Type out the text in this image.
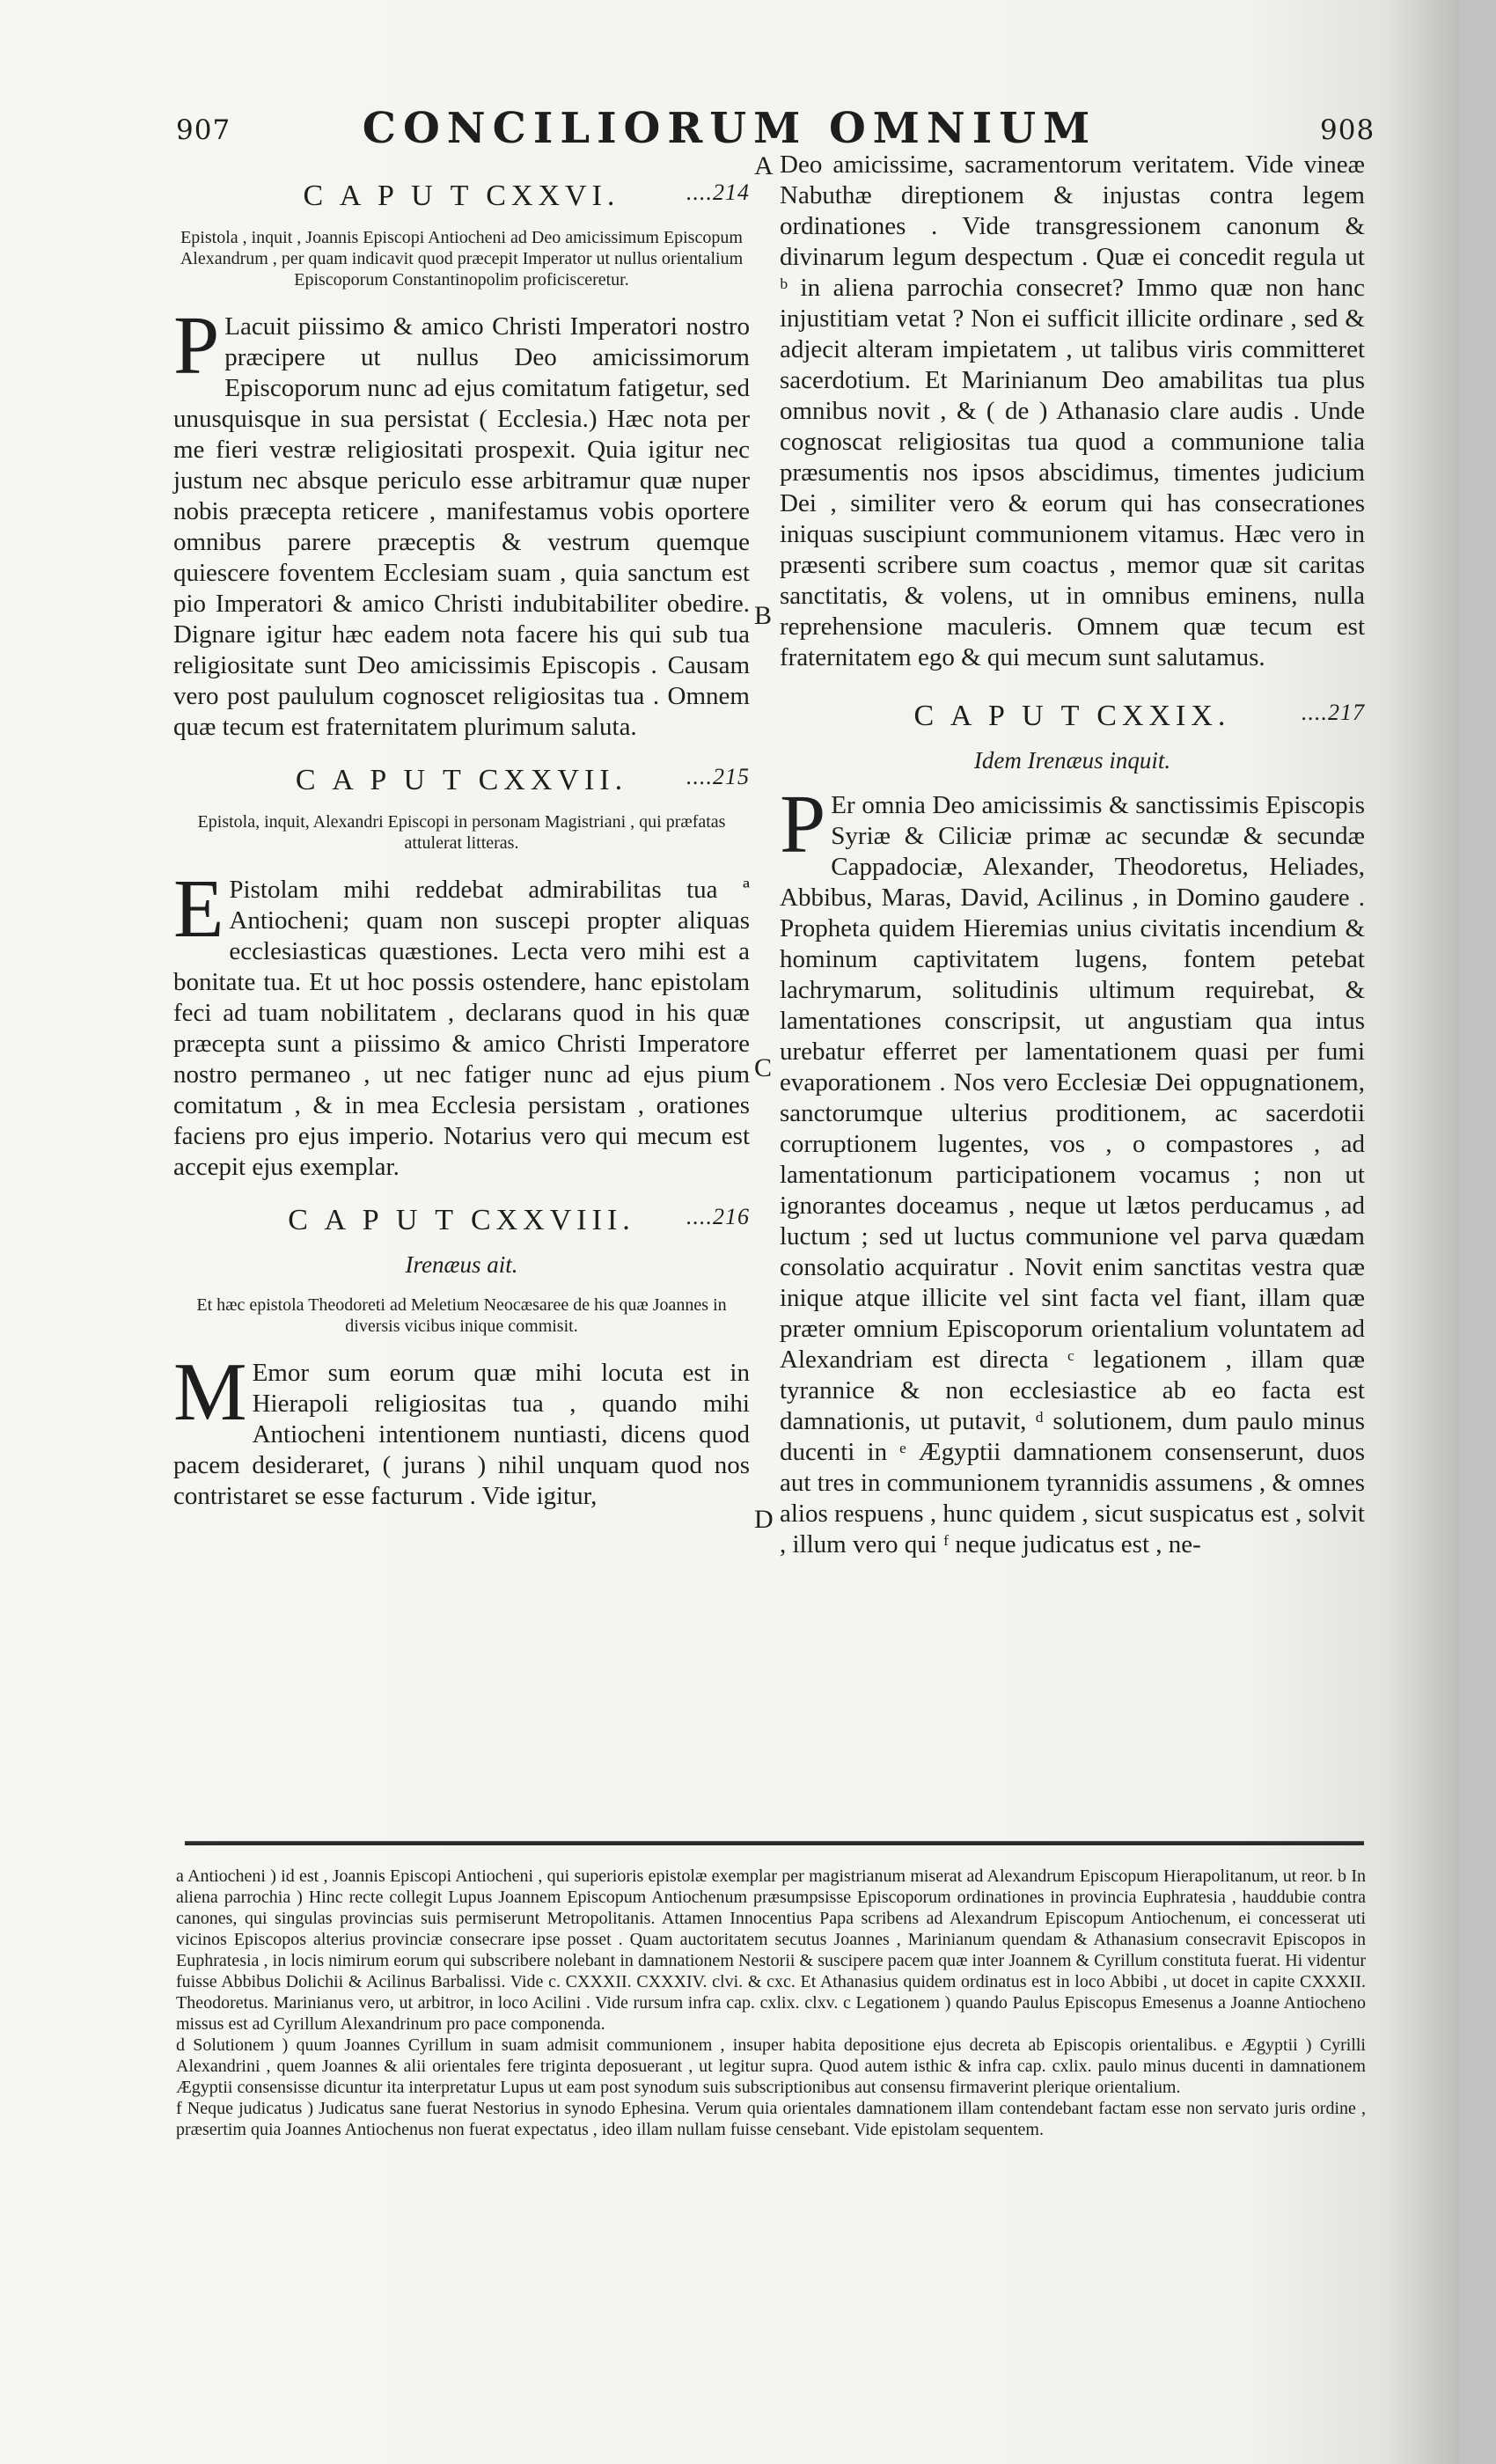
907	CONCILIORUM OMNIUM	908
A
B
C
D
C A P U T CXXVI.	....214

Epistola , inquit , Joannis Episcopi Antiocheni ad Deo amicissimum Episcopum Alexandrum , per quam indicavit quod præcepit Imperator ut nullus orientalium Episcoporum Constantinopolim proficisceretur.

P Lacuit piissimo & amico Christi Imperatori nostro præcipere ut nullus Deo amicissimorum Episcoporum nunc ad ejus comitatum fatigetur, sed unusquisque in sua persistat ( Ecclesia.) Hæc nota per me fieri vestræ religiositati prospexit. Quia igitur nec justum nec absque periculo esse arbitramur quæ nuper nobis præcepta reticere , manifestamus vobis oportere omnibus parere præceptis & vestrum quemque quiescere foventem Ecclesiam suam , quia sanctum est pio Imperatori & amico Christi indubitabiliter obedire. Dignare igitur hæc eadem nota facere his qui sub tua religiositate sunt Deo amicissimis Episcopis . Causam vero post paululum cognoscet religiositas tua . Omnem quæ tecum est fraternitatem plurimum saluta.

C A P U T CXXVII.	....215

Epistola, inquit, Alexandri Episcopi in personam Magistriani , qui præfatas attulerat litteras.

E Pistolam mihi reddebat admirabilitas tua ª Antiocheni; quam non suscepi propter aliquas ecclesiasticas quæstiones. Lecta vero mihi est a bonitate tua. Et ut hoc possis ostendere, hanc epistolam feci ad tuam nobilitatem , declarans quod in his quæ præcepta sunt a piissimo & amico Christi Imperatore nostro permaneo , ut nec fatiger nunc ad ejus pium comitatum , & in mea Ecclesia persistam , orationes faciens pro ejus imperio. Notarius vero qui mecum est accepit ejus exemplar.

C A P U T CXXVIII. ....216
Irenæus ait.

Et hæc epistola Theodoreti ad Meletium Neocæsaree de his quæ Joannes in diversis vicibus inique commisit.

M Emor sum eorum quæ mihi locuta est in Hierapoli religiositas tua , quando mihi Antiocheni intentionem nuntiasti, dicens quod pacem desideraret, ( jurans ) nihil unquam quod nos contristaret se esse facturum . Vide igitur,

Deo amicissime, sacramentorum veritatem. Vide vineæ Nabuthæ direptionem & injustas contra legem ordinationes . Vide transgressionem canonum & divinarum legum despectum . Quæ ei concedit regula ut ᵇ in aliena parrochia consecret? Immo quæ non hanc injustitiam vetat ? Non ei sufficit illicite ordinare , sed & adjecit alteram impietatem , ut talibus viris committeret sacerdotium. Et Marinianum Deo amabilitas tua plus omnibus novit , & ( de ) Athanasio clare audis . Unde cognoscat religiositas tua quod a communione talia præsumentis nos ipsos abscidimus, timentes judicium Dei , similiter vero & eorum qui has consecrationes iniquas suscipiunt communionem vitamus. Hæc vero in præsenti scribere sum coactus , memor quæ sit caritas sanctitatis, & volens, ut in omnibus eminens, nulla reprehensione maculeris. Omnem quæ tecum est fraternitatem ego & qui mecum sunt salutamus.

C A P U T CXXIX.	....217
Idem Irenæus inquit.

P Er omnia Deo amicissimis & sanctissimis Episcopis Syriæ & Ciliciæ primæ ac secundæ & secundæ Cappadociæ, Alexander, Theodoretus, Heliades, Abbibus, Maras, David, Acilinus , in Domino gaudere . Propheta quidem Hieremias unius civitatis incendium & hominum captivitatem lugens, fontem petebat lachrymarum, solitudinis ultimum requirebat, & lamentationes conscripsit, ut angustiam qua intus urebatur efferret per lamentationem quasi per fumi evaporationem . Nos vero Ecclesiæ Dei oppugnationem, sanctorumque ulterius proditionem, ac sacerdotii corruptionem lugentes, vos , o compastores , ad lamentationum participationem vocamus ; non ut ignorantes doceamus , neque ut lætos perducamus , ad luctum ; sed ut luctus communione vel parva quædam consolatio acquiratur . Novit enim sanctitas vestra quæ inique atque illicite vel sint facta vel fiant, illam quæ præter omnium Episcoporum orientalium voluntatem ad Alexandriam est directa ᶜ legationem , illam quæ tyrannice & non ecclesiastice ab eo facta est damnationis, ut putavit, ᵈ solutionem, dum paulo minus ducenti in ᵉ Ægyptii damnationem consenserunt, duos aut tres in communionem tyrannidis assumens , & omnes alios respuens , hunc quidem , sicut suspicatus est , solvit , illum vero qui ᶠ neque judicatus est , ne-

a Antiocheni ) id est , Joannis Episcopi Antiocheni , qui superioris epistolæ exemplar per magistrianum miserat ad Alexandrum Episcopum Hierapolitanum, ut reor. b In aliena parrochia ) Hinc recte collegit Lupus Joannem Episcopum Antiochenum præsumpsisse Episcoporum ordinationes in provincia Euphratesia , hauddubie contra canones, qui singulas provincias suis permiserunt Metropolitanis. Attamen Innocentius Papa scribens ad Alexandrum Episcopum Antiochenum, ei concesserat uti vicinos Episcopos alterius provinciæ consecrare ipse posset . Quam auctoritatem secutus Joannes , Marinianum quendam & Athanasium consecravit Episcopos in Euphratesia , in locis nimirum eorum qui subscribere nolebant in damnationem Nestorii & suscipere pacem quæ inter Joannem & Cyrillum constituta fuerat. Hi videntur fuisse Abbibus Dolichii & Acilinus Barbalissi. Vide c. CXXXII. CXXXIV. clvi. & cxc. Et Athanasius quidem ordinatus est in loco Abbibi , ut docet in capite CXXXII. Theodoretus. Marinianus vero, ut arbitror, in loco Acilini . Vide rursum infra cap. cxlix. clxv. c Legationem ) quando Paulus Episcopus Emesenus a Joanne Antiocheno missus est ad Cyrillum Alexandrinum pro pace componenda.

d Solutionem ) quum Joannes Cyrillum in suam admisit communionem , insuper habita depositione ejus decreta ab Episcopis orientalibus. e Ægyptii ) Cyrilli Alexandrini , quem Joannes & alii orientales fere triginta deposuerant , ut legitur supra. Quod autem isthic & infra cap. cxlix. paulo minus ducenti in damnationem Ægyptii consensisse dicuntur ita interpretatur Lupus ut eam post synodum suis subscriptionibus aut consensu firmaverint plerique orientalium.

f Neque judicatus ) Judicatus sane fuerat Nestorius in synodo Ephesina. Verum quia orientales damnationem illam contendebant factam esse non servato juris ordine , præsertim quia Joannes Antiochenus non fuerat expectatus , ideo illam nullam fuisse censebant. Vide epistolam sequentem.
